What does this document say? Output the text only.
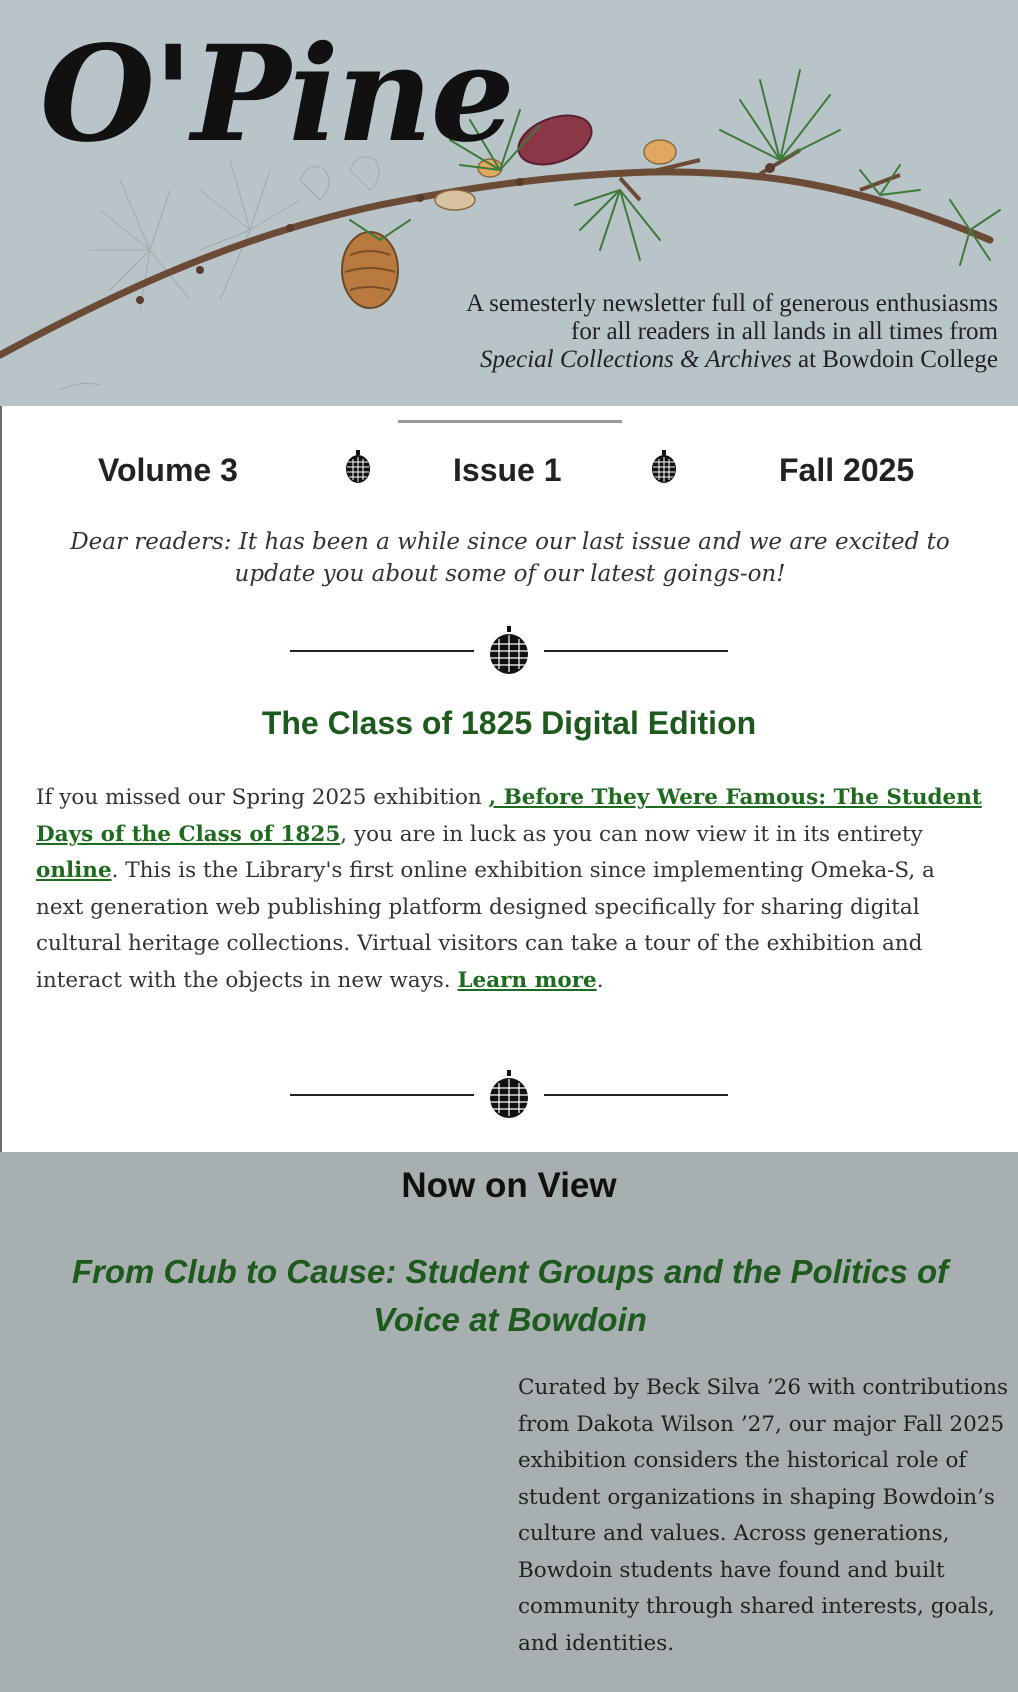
O'Pine
A semesterly newsletter full of generous enthusiasms
for all readers in all lands in all times from
Special Collections & Archives at Bowdoin College
Volume 3	Issue 1	Fall 2025
Dear readers: It has been a while since our last issue and we are excited to update you about some of our latest goings-on!
The Class of 1825 Digital Edition
If you missed our Spring 2025 exhibition , Before They Were Famous: The Student Days of the Class of 1825, you are in luck as you can now view it in its entirety online. This is the Library's first online exhibition since implementing Omeka-S, a next generation web publishing platform designed specifically for sharing digital cultural heritage collections. Virtual visitors can take a tour of the exhibition and interact with the objects in new ways. Learn more.
Now on View
From Club to Cause: Student Groups and the Politics of Voice at Bowdoin
Curated by Beck Silva ’26 with contributions from Dakota Wilson ’27, our major Fall 2025 exhibition considers the historical role of student organizations in shaping Bowdoin’s culture and values. Across generations, Bowdoin students have found and built community through shared interests, goals, and identities.
